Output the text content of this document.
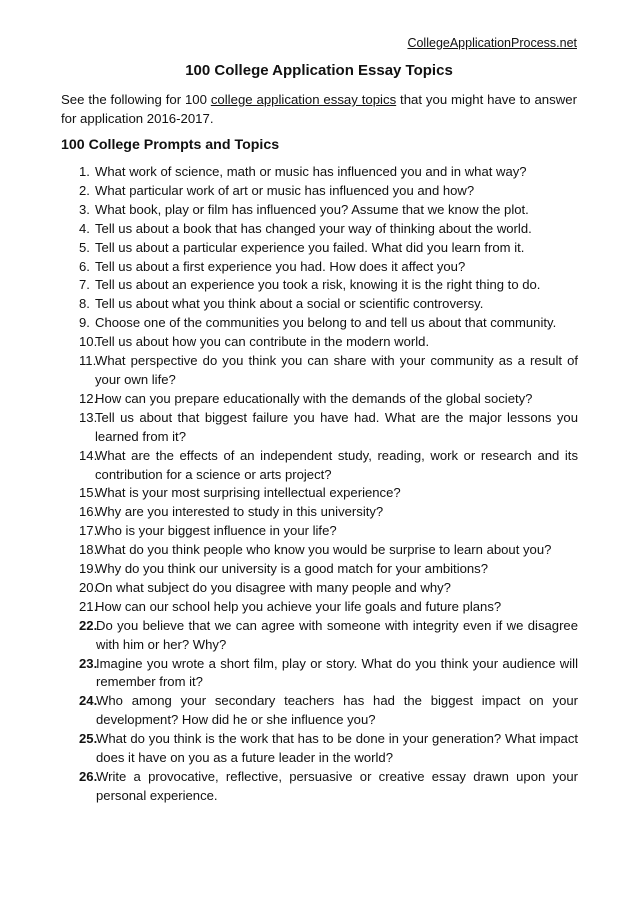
CollegeApplicationProcess.net
100 College Application Essay Topics

See the following for 100 college application essay topics that you might have to answer for application 2016-2017.

100 College Prompts and Topics
1. What work of science, math or music has influenced you and in what way?
2. What particular work of art or music has influenced you and how?
3. What book, play or film has influenced you? Assume that we know the plot.
4. Tell us about a book that has changed your way of thinking about the world.
5. Tell us about a particular experience you failed. What did you learn from it.
6. Tell us about a first experience you had. How does it affect you?
7. Tell us about an experience you took a risk, knowing it is the right thing to do.
8. Tell us about what you think about a social or scientific controversy.
9. Choose one of the communities you belong to and tell us about that community.
10.
Tell us about how you can contribute in the modern world.
11.
What perspective do you think you can share with your community as a result of your own life?
12.
How can you prepare educationally with the demands of the global society?
13.
Tell us about that biggest failure you have had. What are the major lessons you learned from it?
14.
What are the effects of an independent study, reading, work or research and its contribution for a science or arts project?
15.
What is your most surprising intellectual experience?
16.
Why are you interested to study in this university?
17.
Who is your biggest influence in your life?
18.
What do you think people who know you would be surprise to learn about you?
19.
Why do you think our university is a good match for your ambitions?
20.
On what subject do you disagree with many people and why?
21.
How can our school help you achieve your life goals and future plans?
22.
Do you believe that we can agree with someone with integrity even if we disagree with him or her? Why?
23.
Imagine you wrote a short film, play or story. What do you think your audience will remember from it?
24.
Who among your secondary teachers has had the biggest impact on your development? How did he or she influence you?
25.
What do you think is the work that has to be done in your generation? What impact does it have on you as a future leader in the world?
26.
Write a provocative, reflective, persuasive or creative essay drawn upon your personal experience.
